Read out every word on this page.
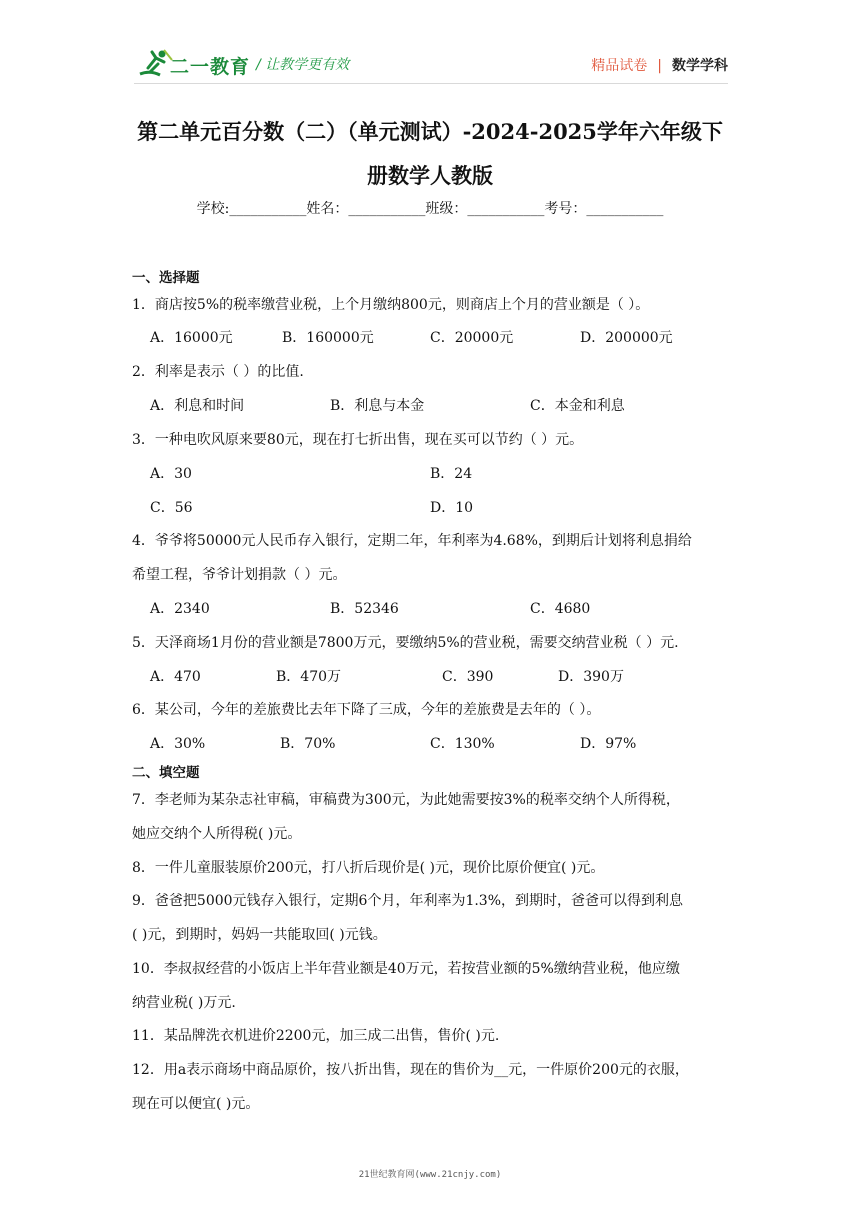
二一教育 / 让教学更有效	精品试卷 | 数学学科
第二单元百分数（二）（单元测试）-2024-2025学年六年级下
册数学人教版
学校:___________姓名：___________班级：___________考号：___________
一、选择题
1．商店按5%的税率缴营业税，上个月缴纳800元，则商店上个月的营业额是（ ）。
A．16000元	B．160000元	C．20000元	D．200000元
2．利率是表示（ ）的比值.
A．利息和时间	B．利息与本金	C．本金和利息
3．一种电吹风原来要80元，现在打七折出售，现在买可以节约（ ）元。
A．30	B．24
C．56	D．10
4．爷爷将50000元人民币存入银行，定期二年，年利率为4.68%，到期后计划将利息捐给
希望工程，爷爷计划捐款（ ）元。
A．2340	B．52346	C．4680
5．天泽商场1月份的营业额是7800万元，要缴纳5%的营业税，需要交纳营业税（ ）元.
A．470	B．470万	C．390	D．390万
6．某公司，今年的差旅费比去年下降了三成，今年的差旅费是去年的（ ）。
A．30%	B．70%	C．130%	D．97%
二、填空题
7．李老师为某杂志社审稿，审稿费为300元，为此她需要按3%的税率交纳个人所得税，
她应交纳个人所得税( )元。
8．一件儿童服装原价200元，打八折后现价是( )元，现价比原价便宜( )元。
9．爸爸把5000元钱存入银行，定期6个月，年利率为1.3%，到期时，爸爸可以得到利息
( )元，到期时，妈妈一共能取回( )元钱。
10．李叔叔经营的小饭店上半年营业额是40万元，若按营业额的5%缴纳营业税，他应缴
纳营业税( )万元.
11．某品牌洗衣机进价2200元，加三成二出售，售价( )元.
12．用a表示商场中商品原价，按八折出售，现在的售价为__元，一件原价200元的衣服，
现在可以便宜( )元。
21世纪教育网(www.21cnjy.com)
